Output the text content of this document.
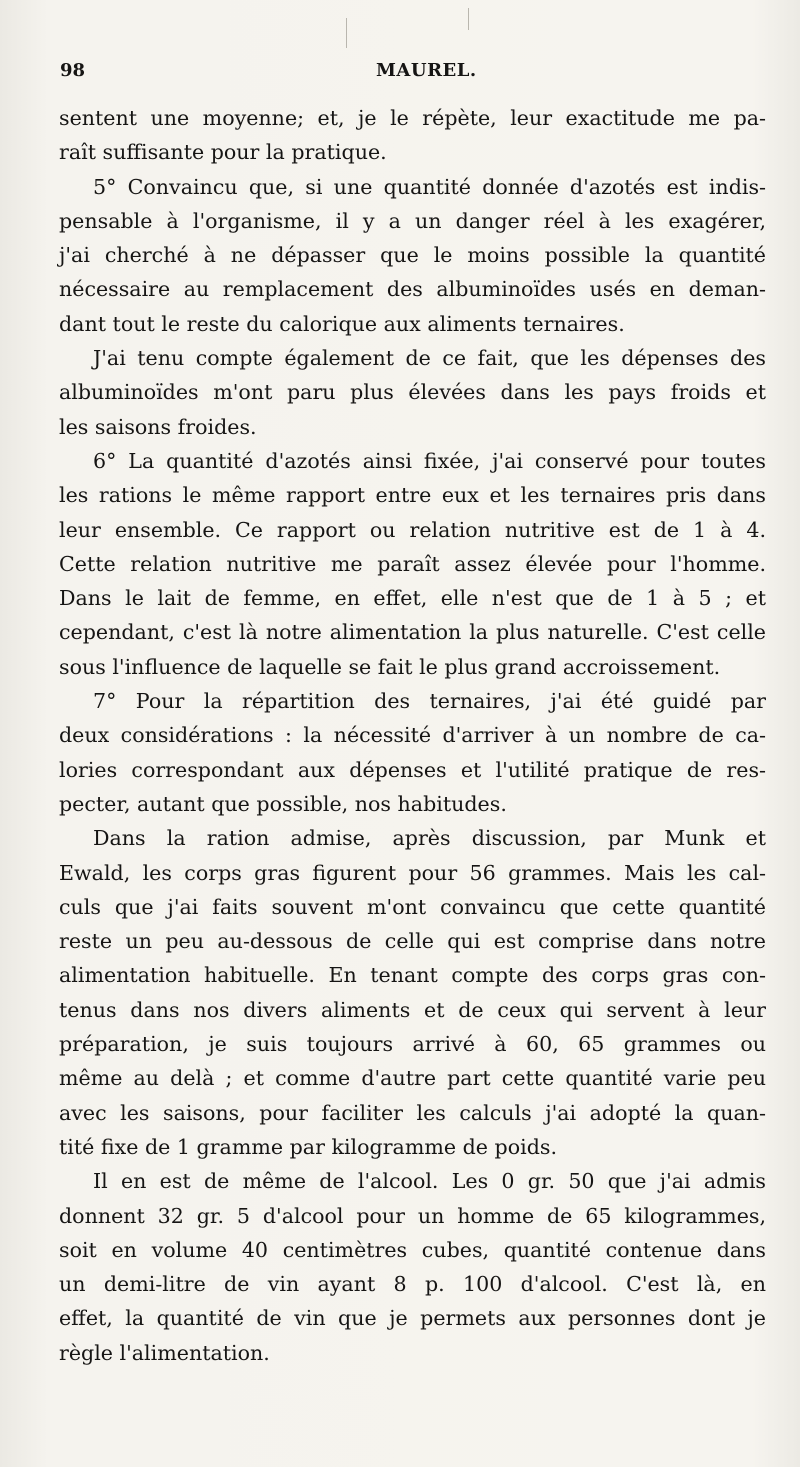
98	MAUREL.
sentent une moyenne; et, je le répète, leur exactitude me pa-
raît suffisante pour la pratique.
5° Convaincu que, si une quantité donnée d'azotés est indis-
pensable à l'organisme, il y a un danger réel à les exagérer,
j'ai cherché à ne dépasser que le moins possible la quantité
nécessaire au remplacement des albuminoïdes usés en deman-
dant tout le reste du calorique aux aliments ternaires.
J'ai tenu compte également de ce fait, que les dépenses des
albuminoïdes m'ont paru plus élevées dans les pays froids et
les saisons froides.
6° La quantité d'azotés ainsi fixée, j'ai conservé pour toutes
les rations le même rapport entre eux et les ternaires pris dans
leur ensemble. Ce rapport ou relation nutritive est de 1 à 4.
Cette relation nutritive me paraît assez élevée pour l'homme.
Dans le lait de femme, en effet, elle n'est que de 1 à 5 ; et
cependant, c'est là notre alimentation la plus naturelle. C'est celle
sous l'influence de laquelle se fait le plus grand accroissement.
7° Pour la répartition des ternaires, j'ai été guidé par
deux considérations : la nécessité d'arriver à un nombre de ca-
lories correspondant aux dépenses et l'utilité pratique de res-
pecter, autant que possible, nos habitudes.
Dans la ration admise, après discussion, par Munk et
Ewald, les corps gras figurent pour 56 grammes. Mais les cal-
culs que j'ai faits souvent m'ont convaincu que cette quantité
reste un peu au-dessous de celle qui est comprise dans notre
alimentation habituelle. En tenant compte des corps gras con-
tenus dans nos divers aliments et de ceux qui servent à leur
préparation, je suis toujours arrivé à 60, 65 grammes ou
même au delà ; et comme d'autre part cette quantité varie peu
avec les saisons, pour faciliter les calculs j'ai adopté la quan-
tité fixe de 1 gramme par kilogramme de poids.
Il en est de même de l'alcool. Les 0 gr. 50 que j'ai admis
donnent 32 gr. 5 d'alcool pour un homme de 65 kilogrammes,
soit en volume 40 centimètres cubes, quantité contenue dans
un demi-litre de vin ayant 8 p. 100 d'alcool. C'est là, en
effet, la quantité de vin que je permets aux personnes dont je
règle l'alimentation.
